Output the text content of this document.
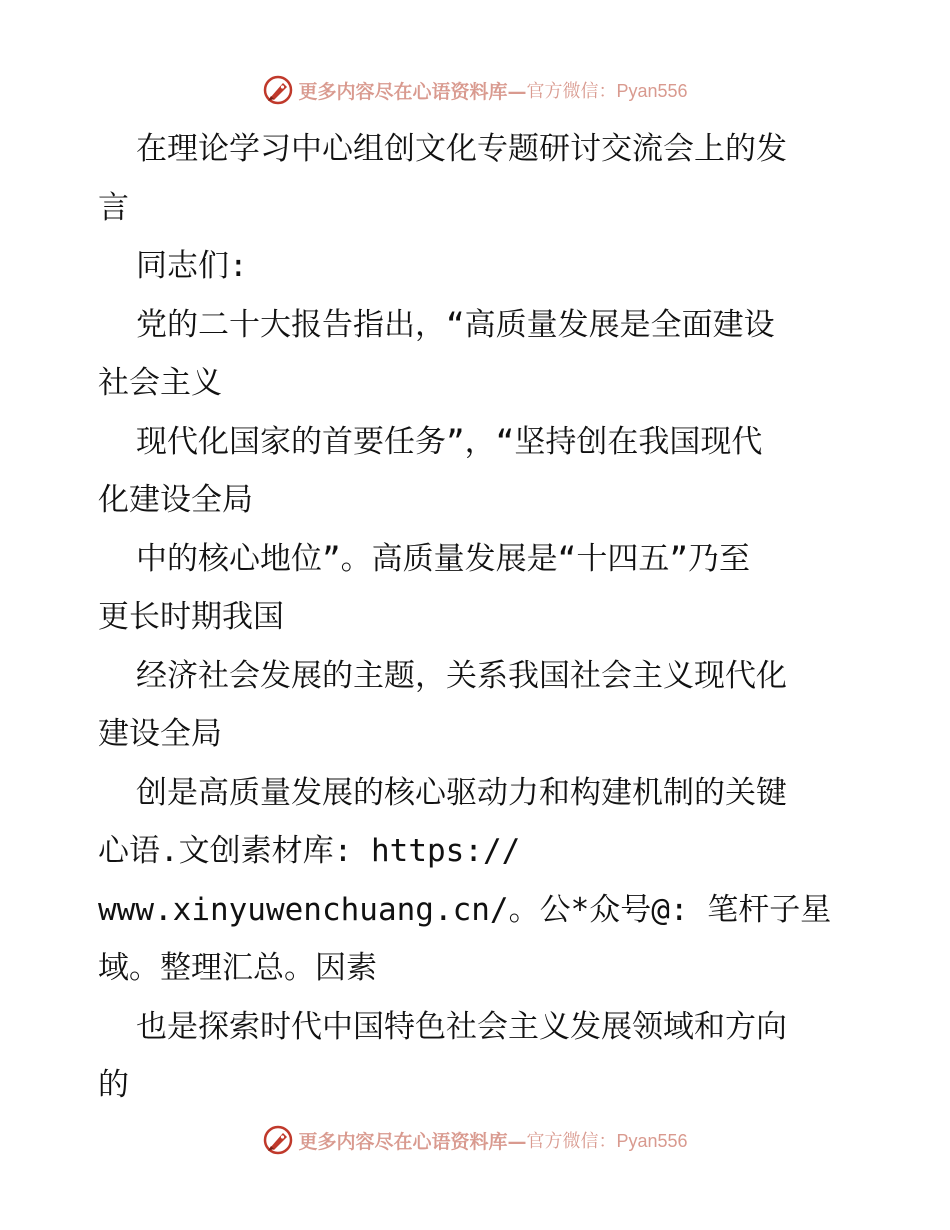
更多内容尽在心语资料库— 官方微信：Pyan556
在理论学习中心组创文化专题研讨交流会上的发
言
同志们:
党的二十大报告指出，“高质量发展是全面建设
社会主义
现代化国家的首要任务”，“坚持创在我国现代
化建设全局
中的核心地位”。高质量发展是“十四五”乃至
更长时期我国
经济社会发展的主题，关系我国社会主义现代化
建设全局
创是高质量发展的核心驱动力和构建机制的关键
心语.文创素材库: https://
www.xinyuwenchuang.cn/。公*众号@: 笔杆子星
域。整理汇总。因素
也是探索时代中国特色社会主义发展领域和方向
的
更多内容尽在心语资料库— 官方微信：Pyan556
